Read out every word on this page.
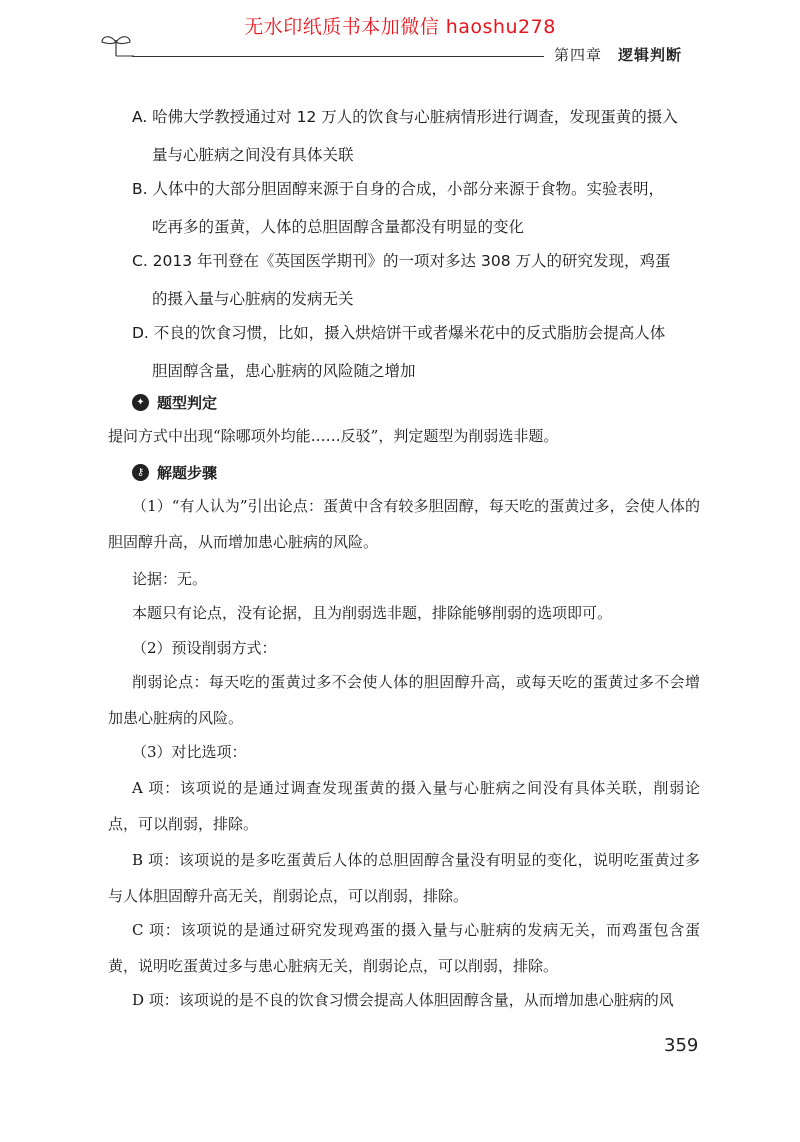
无水印纸质书本加微信 haoshu278
第四章 逻辑判断
A. 哈佛大学教授通过对 12 万人的饮食与心脏病情形进行调查，发现蛋黄的摄入
量与心脏病之间没有具体关联
B. 人体中的大部分胆固醇来源于自身的合成，小部分来源于食物。实验表明，
吃再多的蛋黄，人体的总胆固醇含量都没有明显的变化
C. 2013 年刊登在《英国医学期刊》的一项对多达 308 万人的研究发现，鸡蛋
的摄入量与心脏病的发病无关
D. 不良的饮食习惯，比如，摄入烘焙饼干或者爆米花中的反式脂肪会提高人体
胆固醇含量，患心脏病的风险随之增加
✦ 题型判定
提问方式中出现“除哪项外均能……反驳”，判定题型为削弱选非题。
⚷ 解题步骤
（1）“有人认为”引出论点：蛋黄中含有较多胆固醇，每天吃的蛋黄过多，会使人体的胆固醇升高，从而增加患心脏病的风险。
论据：无。
本题只有论点，没有论据，且为削弱选非题，排除能够削弱的选项即可。
（2）预设削弱方式：
削弱论点：每天吃的蛋黄过多不会使人体的胆固醇升高，或每天吃的蛋黄过多不会增加患心脏病的风险。
（3）对比选项：
A 项：该项说的是通过调查发现蛋黄的摄入量与心脏病之间没有具体关联，削弱论点，可以削弱，排除。
B 项：该项说的是多吃蛋黄后人体的总胆固醇含量没有明显的变化，说明吃蛋黄过多与人体胆固醇升高无关，削弱论点，可以削弱，排除。
C 项：该项说的是通过研究发现鸡蛋的摄入量与心脏病的发病无关，而鸡蛋包含蛋黄，说明吃蛋黄过多与患心脏病无关，削弱论点，可以削弱，排除。
D 项：该项说的是不良的饮食习惯会提高人体胆固醇含量，从而增加患心脏病的风
359
